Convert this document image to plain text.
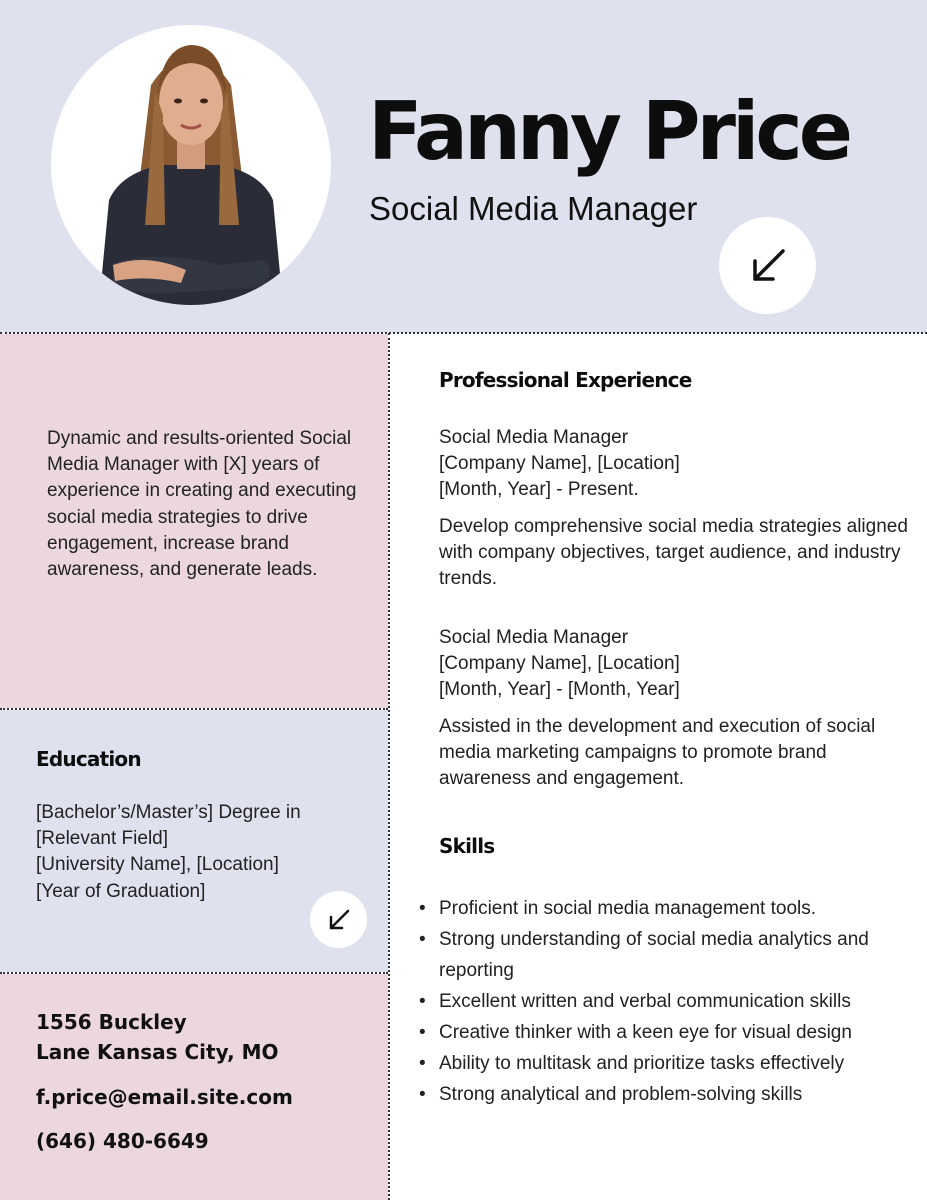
Fanny Price
Social Media Manager
Dynamic and results-oriented Social Media Manager with [X] years of experience in creating and executing social media strategies to drive engagement, increase brand awareness, and generate leads.
Education
[Bachelor’s/Master’s] Degree in
[Relevant Field]
[University Name], [Location]
[Year of Graduation]
1556 Buckley
Lane Kansas City, MO
f.price@email.site.com
(646) 480-6649
Professional Experience

Social Media Manager

[Company Name], [Location]

[Month, Year] - Present.

Develop comprehensive social media strategies aligned with company objectives, target audience, and industry trends.

Social Media Manager

[Company Name], [Location]

[Month, Year] - [Month, Year]

Assisted in the development and execution of social media marketing campaigns to promote brand awareness and engagement.

Skills
• Proficient in social media management tools.
• Strong understanding of social media analytics and reporting
• Excellent written and verbal communication skills
• Creative thinker with a keen eye for visual design
• Ability to multitask and prioritize tasks effectively
• Strong analytical and problem-solving skills
